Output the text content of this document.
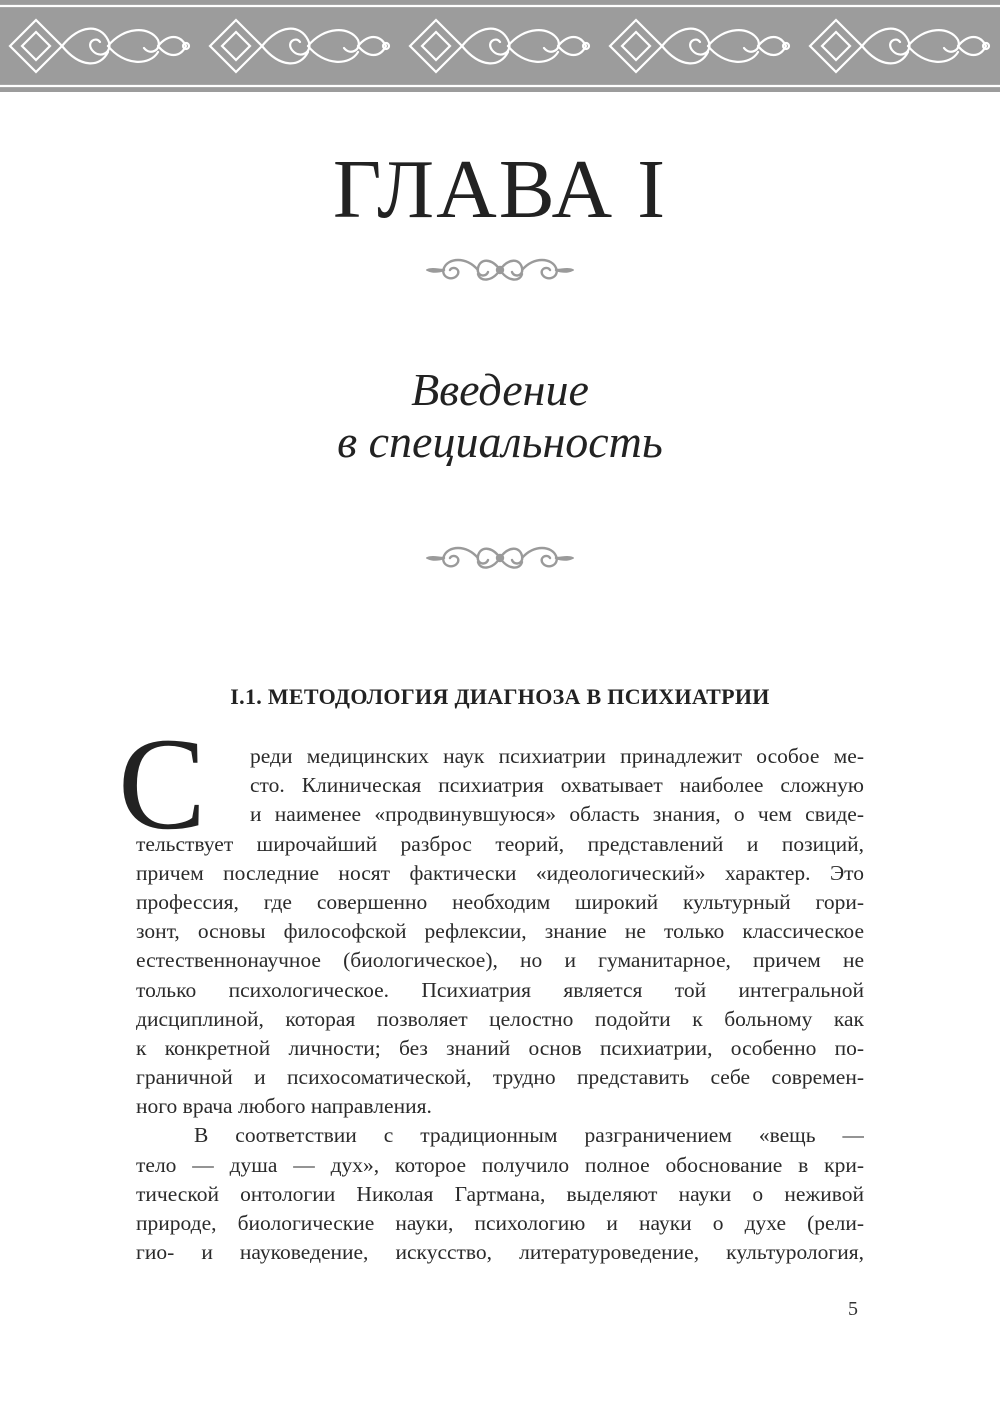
ГЛАВА I
Введение
в специальность
I.1. МЕТОДОЛОГИЯ ДИАГНОЗА В ПСИХИАТРИИ
С реди медицинских наук психиатрии принадлежит особое ме-
сто. Клиническая психиатрия охватывает наиболее сложную
и наименее «продвинувшуюся» область знания, о чем свиде-
тельствует широчайший разброс теорий, представлений и позиций,
причем последние носят фактически «идеологический» характер. Это
профессия, где совершенно необходим широкий культурный гори-
зонт, основы философской рефлексии, знание не только классическое
естественнонаучное (биологическое), но и гуманитарное, причем не
только психологическое. Психиатрия является той интегральной
дисциплиной, которая позволяет целостно подойти к больному как
к конкретной личности; без знаний основ психиатрии, особенно по-
граничной и психосоматической, трудно представить себе современ-
ного врача любого направления.
В соответствии с традиционным разграничением «вещь —
тело — душа — дух», которое получило полное обоснование в кри-
тической онтологии Николая Гартмана, выделяют науки о неживой
природе, биологические науки, психологию и науки о духе (рели-
гио- и науковедение, искусство, литературоведение, культурология,
5
